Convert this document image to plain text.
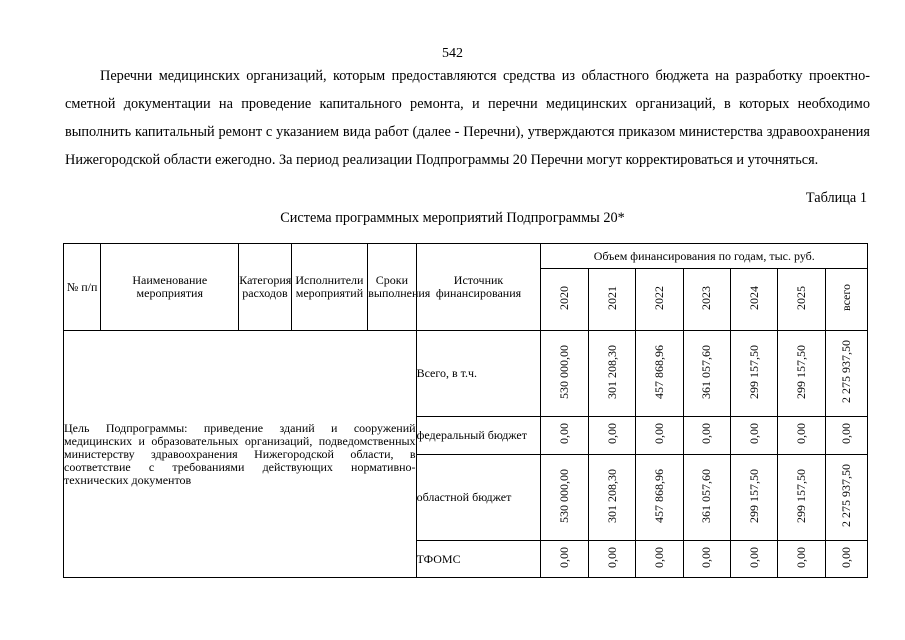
542

Перечни медицинских организаций, которым предоставляются средства из областного бюджета на разработку проектно-сметной документации на проведение капитального ремонта, и перечни медицинских организаций, в которых необходимо выполнить капитальный ремонт с указанием вида работ (далее - Перечни), утверждаются приказом министерства здравоохранения Нижегородской области ежегодно. За период реализации Подпрограммы 20 Перечни могут корректироваться и уточняться.

Таблица 1
Система программных мероприятий Подпрограммы 20*
№ п/п	Наименование мероприятия	Категория расходов	Исполнители мероприятий	Сроки выполнения	Источник финансирования	Объем финансирования по годам, тыс. руб.						
						2020	2021	2022	2023	2024	2025	всего
Цель Подпрограммы: приведение зданий и сооружений медицинских и образовательных организаций, подведомственных министерству здравоохранения Нижегородской области, в соответствие с требованиями действующих нормативно-технических документов					Всего, в т.ч.	530 000,00	301 208,30	457 868,96	361 057,60	299 157,50	299 157,50	2 275 937,50
					федеральный бюджет	0,00	0,00	0,00	0,00	0,00	0,00	0,00
					областной бюджет	530 000,00	301 208,30	457 868,96	361 057,60	299 157,50	299 157,50	2 275 937,50
					ТФОМС	0,00	0,00	0,00	0,00	0,00	0,00	0,00
